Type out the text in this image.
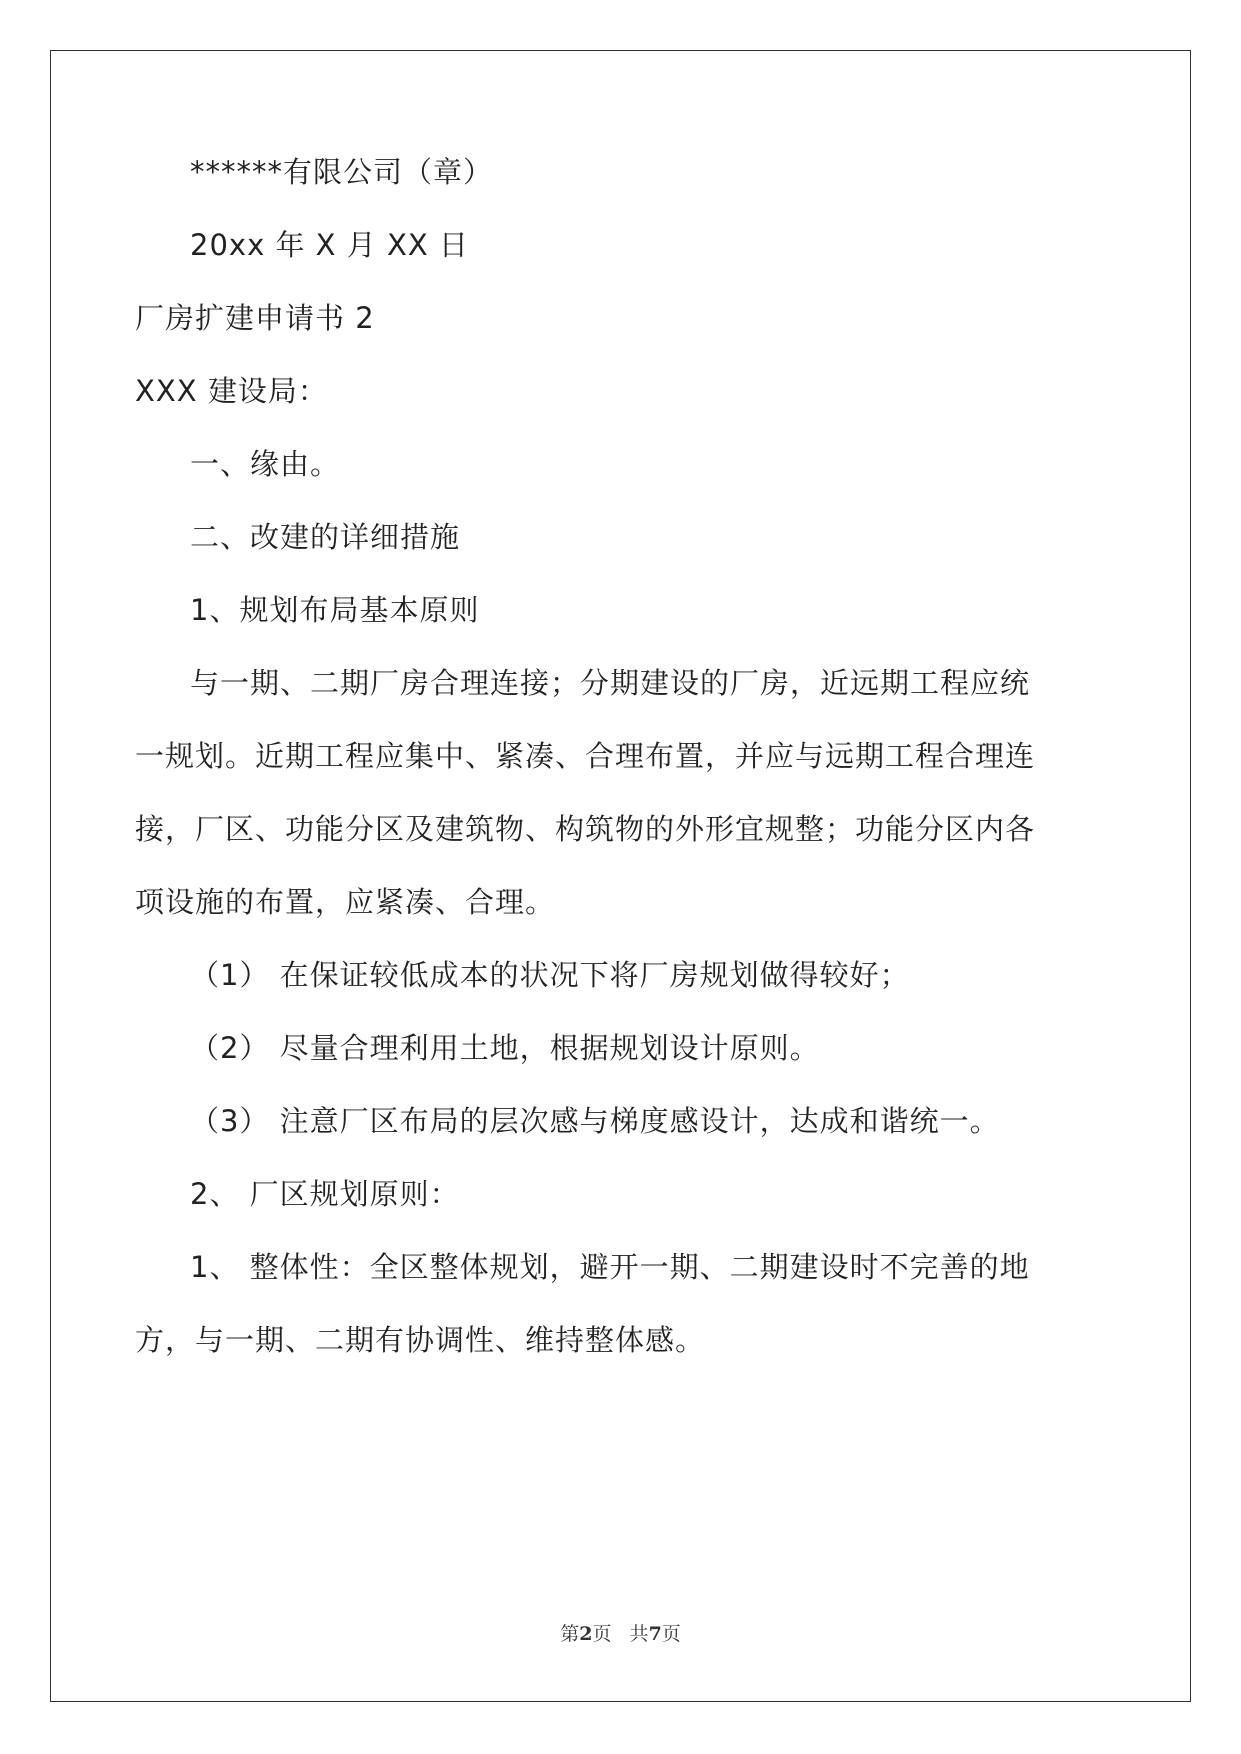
******有限公司（章）
20xx 年 X 月 XX 日
厂房扩建申请书 2
XXX 建设局：
一、缘由。
二、改建的详细措施
1、规划布局基本原则
与一期、二期厂房合理连接；分期建设的厂房，近远期工程应统
一规划。近期工程应集中、紧凑、合理布置，并应与远期工程合理连
接，厂区、功能分区及建筑物、构筑物的外形宜规整；功能分区内各
项设施的布置，应紧凑、合理。
（1） 在保证较低成本的状况下将厂房规划做得较好；
（2） 尽量合理利用土地，根据规划设计原则。
（3） 注意厂区布局的层次感与梯度感设计，达成和谐统一。
2、 厂区规划原则：
1、 整体性：全区整体规划，避开一期、二期建设时不完善的地
方，与一期、二期有协调性、维持整体感。
第2页   共7页
